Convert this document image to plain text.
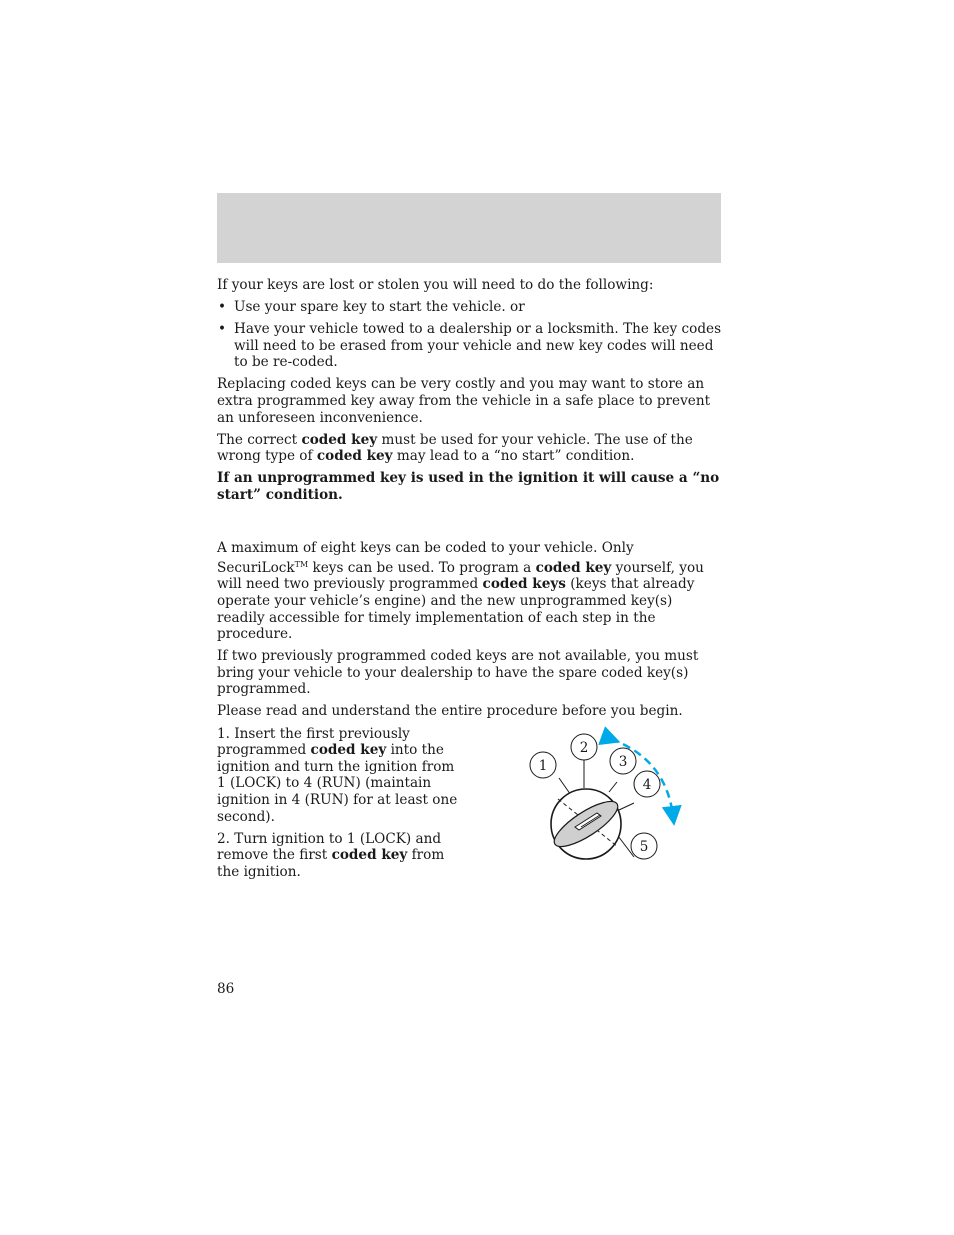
If your keys are lost or stolen you will need to do the following:

• Use your spare key to start the vehicle. or
• Have your vehicle towed to a dealership or a locksmith. The key codes will need to be erased from your vehicle and new key codes will need to be re-coded.

Replacing coded keys can be very costly and you may want to store an extra programmed key away from the vehicle in a safe place to prevent an unforeseen inconvenience.

The correct coded key must be used for your vehicle. The use of the wrong type of coded key may lead to a “no start” condition.

If an unprogrammed key is used in the ignition it will cause a “no start” condition.

A maximum of eight keys can be coded to your vehicle. Only SecuriLock™ keys can be used. To program a coded key yourself, you will need two previously programmed coded keys (keys that already operate your vehicle’s engine) and the new unprogrammed key(s) readily accessible for timely implementation of each step in the procedure.

If two previously programmed coded keys are not available, you must bring your vehicle to your dealership to have the spare coded key(s) programmed.

Please read and understand the entire procedure before you begin.

1. Insert the first previously programmed coded key into the ignition and turn the ignition from 1 (LOCK) to 4 (RUN) (maintain ignition in 4 (RUN) for at least one second).

2. Turn ignition to 1 (LOCK) and remove the first coded key from the ignition.

1
2
3
4
5
86
